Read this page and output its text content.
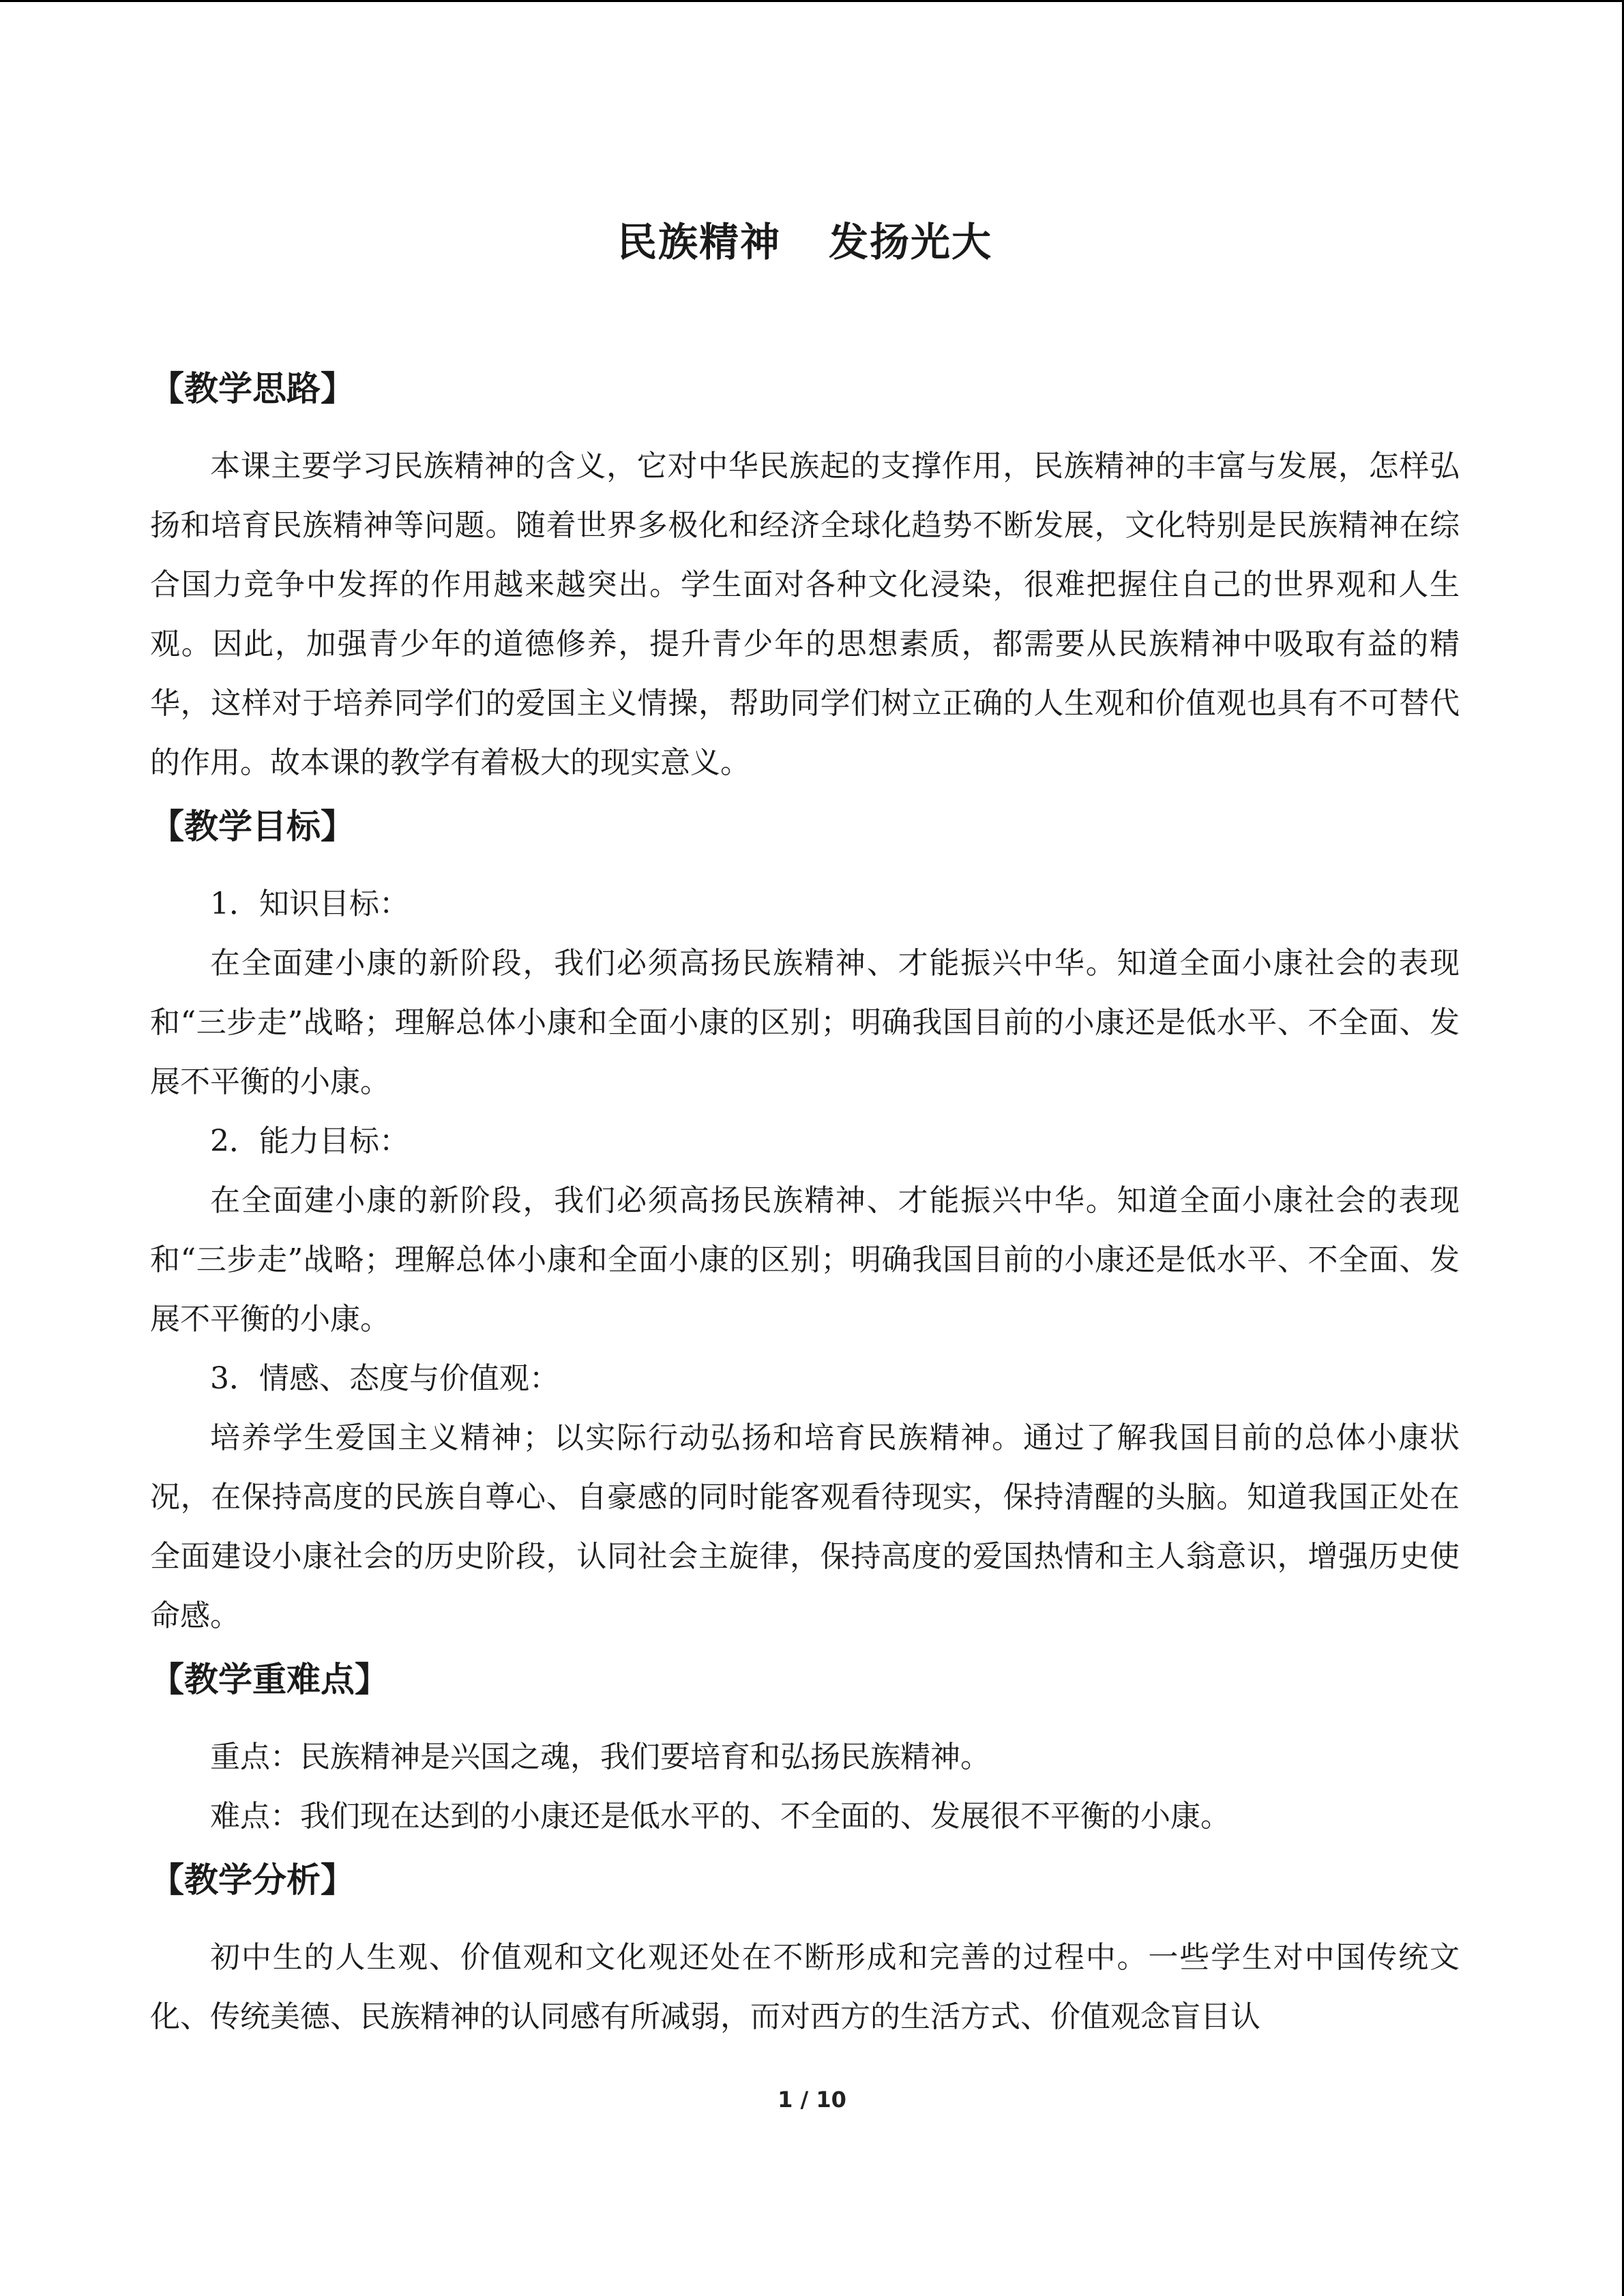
民族精神 发扬光大
【教学思路】

本课主要学习民族精神的含义，它对中华民族起的支撑作用，民族精神的丰富与发展，怎样弘扬和培育民族精神等问题。随着世界多极化和经济全球化趋势不断发展，文化特别是民族精神在综合国力竞争中发挥的作用越来越突出。学生面对各种文化浸染，很难把握住自己的世界观和人生观。因此，加强青少年的道德修养，提升青少年的思想素质，都需要从民族精神中吸取有益的精华，这样对于培养同学们的爱国主义情操，帮助同学们树立正确的人生观和价值观也具有不可替代的作用。故本课的教学有着极大的现实意义。

【教学目标】

1．知识目标：

在全面建小康的新阶段，我们必须高扬民族精神、才能振兴中华。知道全面小康社会的表现和“三步走”战略；理解总体小康和全面小康的区别；明确我国目前的小康还是低水平、不全面、发展不平衡的小康。

2．能力目标：

在全面建小康的新阶段，我们必须高扬民族精神、才能振兴中华。知道全面小康社会的表现和“三步走”战略；理解总体小康和全面小康的区别；明确我国目前的小康还是低水平、不全面、发展不平衡的小康。

3．情感、态度与价值观：

培养学生爱国主义精神；以实际行动弘扬和培育民族精神。通过了解我国目前的总体小康状况，在保持高度的民族自尊心、自豪感的同时能客观看待现实，保持清醒的头脑。知道我国正处在全面建设小康社会的历史阶段，认同社会主旋律，保持高度的爱国热情和主人翁意识，增强历史使命感。

【教学重难点】

重点：民族精神是兴国之魂，我们要培育和弘扬民族精神。

难点：我们现在达到的小康还是低水平的、不全面的、发展很不平衡的小康。

【教学分析】

初中生的人生观、价值观和文化观还处在不断形成和完善的过程中。一些学生对中国传统文化、传统美德、民族精神的认同感有所减弱，而对西方的生活方式、价值观念盲目认

1 / 10
